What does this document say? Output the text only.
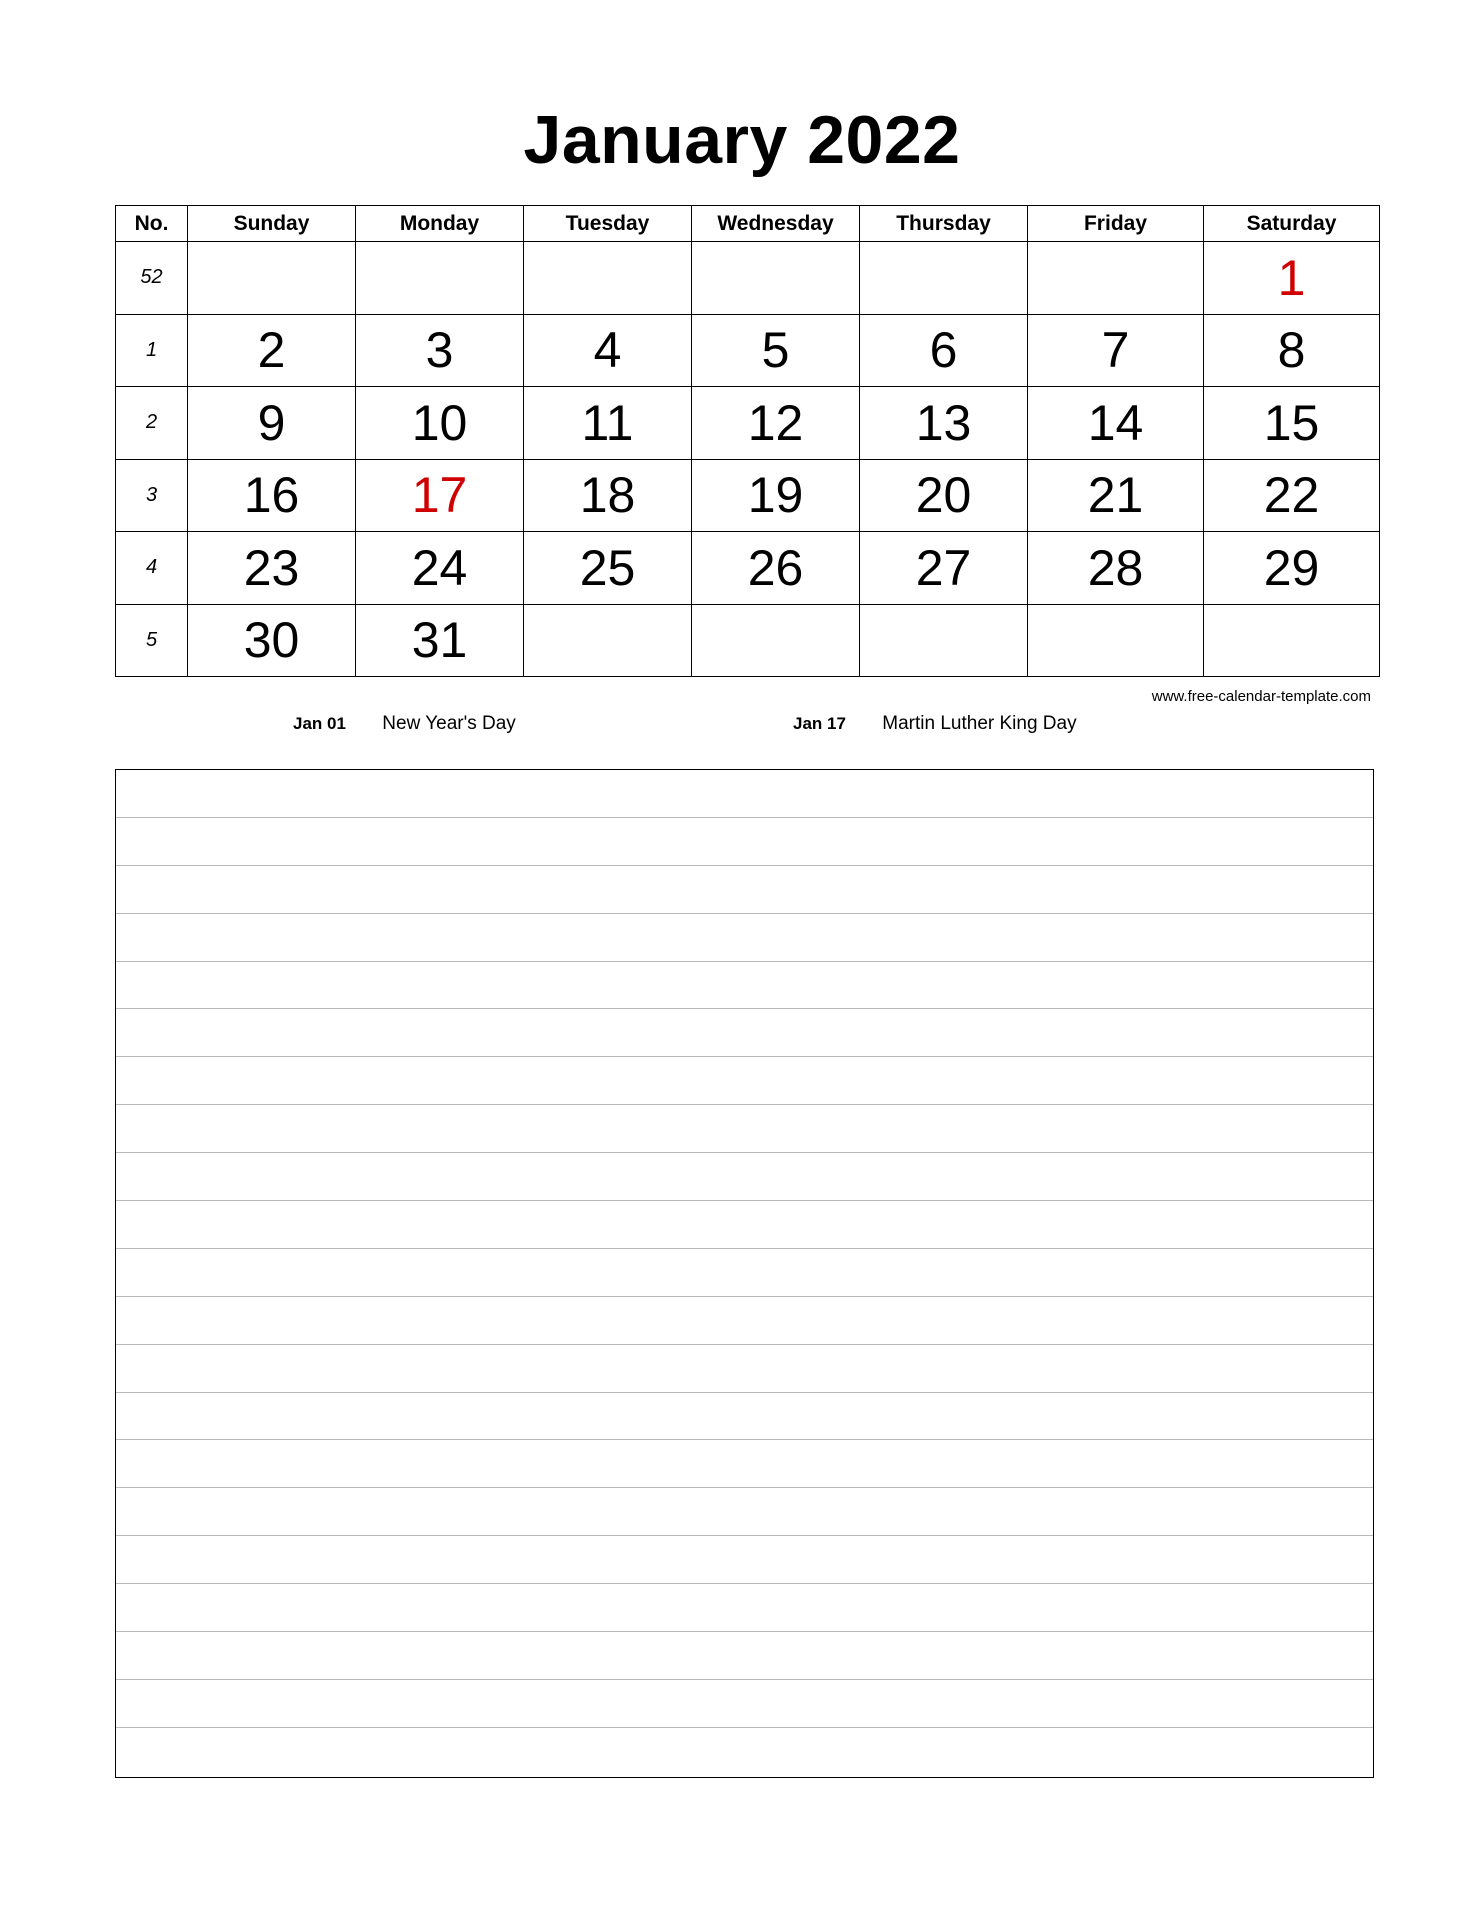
January 2022
No.	Sunday	Monday	Tuesday	Wednesday	Thursday	Friday	Saturday
52							1
1	2	3	4	5	6	7	8
2	9	10	11	12	13	14	15
3	16	17	18	19	20	21	22
4	23	24	25	26	27	28	29
5	30	31					
www.free-calendar-template.com
Jan 01 New Year's Day	Jan 17 Martin Luther King Day
